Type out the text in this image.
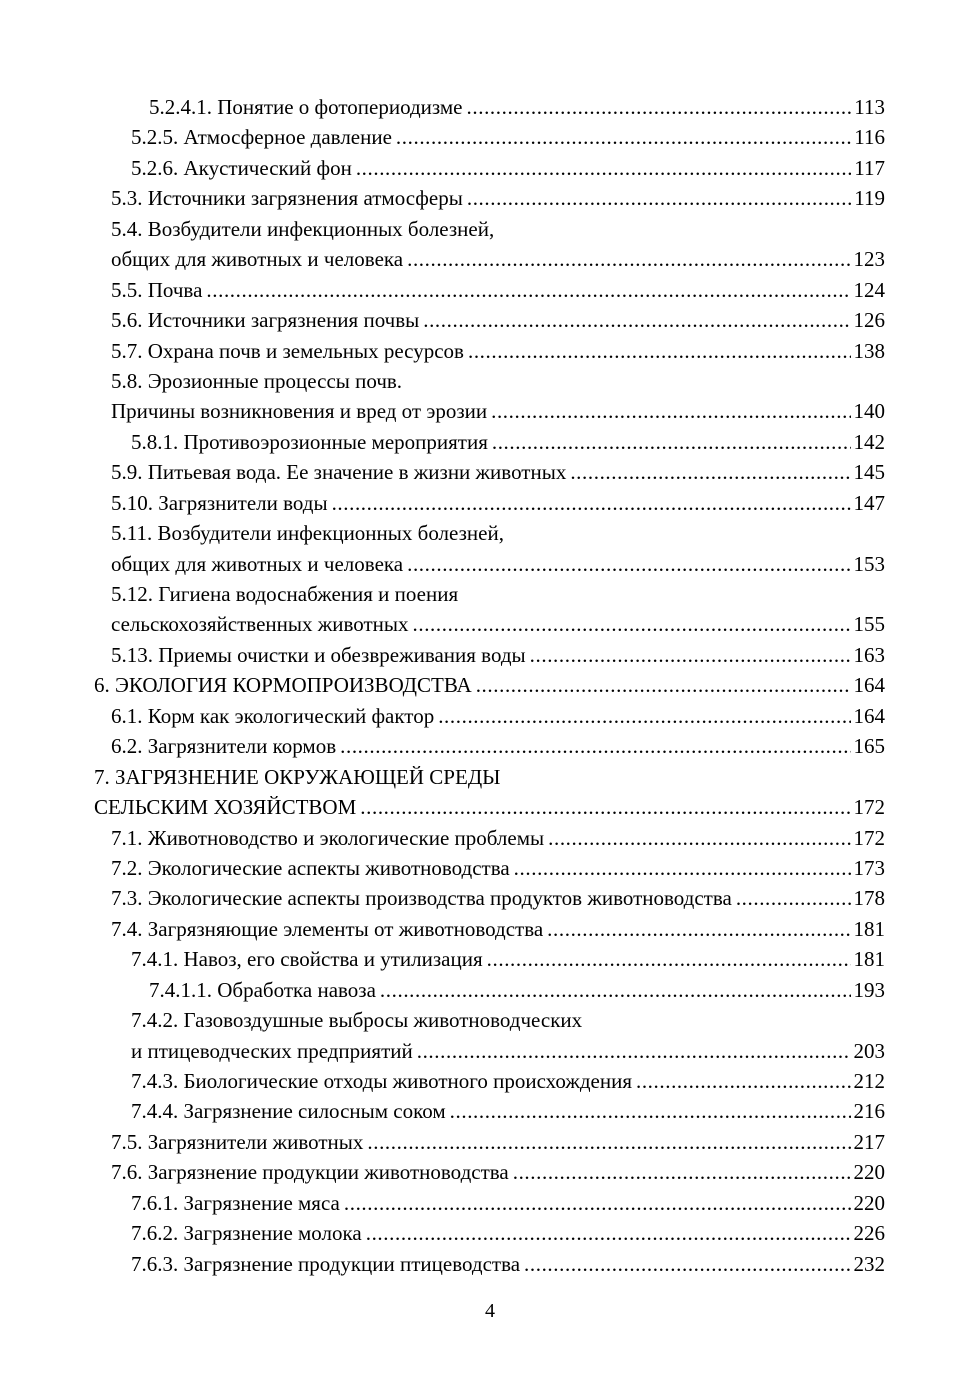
5.2.4.1. Понятие о фотопериодизме .....	113
5.2.5. Атмосферное давление .....	116
5.2.6. Акустический фон .....	117
5.3. Источники загрязнения атмосферы .....	119
5.4. Возбудители инфекционных болезней,
общих для животных и человека .....	123
5.5. Почва .....	124
5.6. Источники загрязнения почвы .....	126
5.7. Охрана почв и земельных ресурсов .....	138
5.8. Эрозионные процессы почв.
Причины возникновения и вред от эрозии .....	140
5.8.1. Противоэрозионные мероприятия .....	142
5.9. Питьевая вода. Ее значение в жизни животных .....	145
5.10. Загрязнители воды .....	147
5.11. Возбудители инфекционных болезней,
общих для животных и человека .....	153
5.12. Гигиена водоснабжения и поения
сельскохозяйственных животных .....	155
5.13. Приемы очистки и обезвреживания воды .....	163
6. ЭКОЛОГИЯ КОРМОПРОИЗВОДСТВА .....	164
6.1. Корм как экологический фактор .....	164
6.2. Загрязнители кормов .....	165
7. ЗАГРЯЗНЕНИЕ ОКРУЖАЮЩЕЙ СРЕДЫ
СЕЛЬСКИМ ХОЗЯЙСТВОМ .....	172
7.1. Животноводство и экологические проблемы .....	172
7.2. Экологические аспекты животноводства .....	173
7.3. Экологические аспекты производства продуктов животноводства .....	178
7.4. Загрязняющие элементы от животноводства .....	181
7.4.1. Навоз, его свойства и утилизация .....	181
7.4.1.1. Обработка навоза .....	193
7.4.2. Газовоздушные выбросы животноводческих
и птицеводческих предприятий .....	203
7.4.3. Биологические отходы животного происхождения .....	212
7.4.4. Загрязнение силосным соком .....	216
7.5. Загрязнители животных .....	217
7.6. Загрязнение продукции животноводства .....	220
7.6.1. Загрязнение мяса .....	220
7.6.2. Загрязнение молока .....	226
7.6.3. Загрязнение продукции птицеводства .....	232
4
